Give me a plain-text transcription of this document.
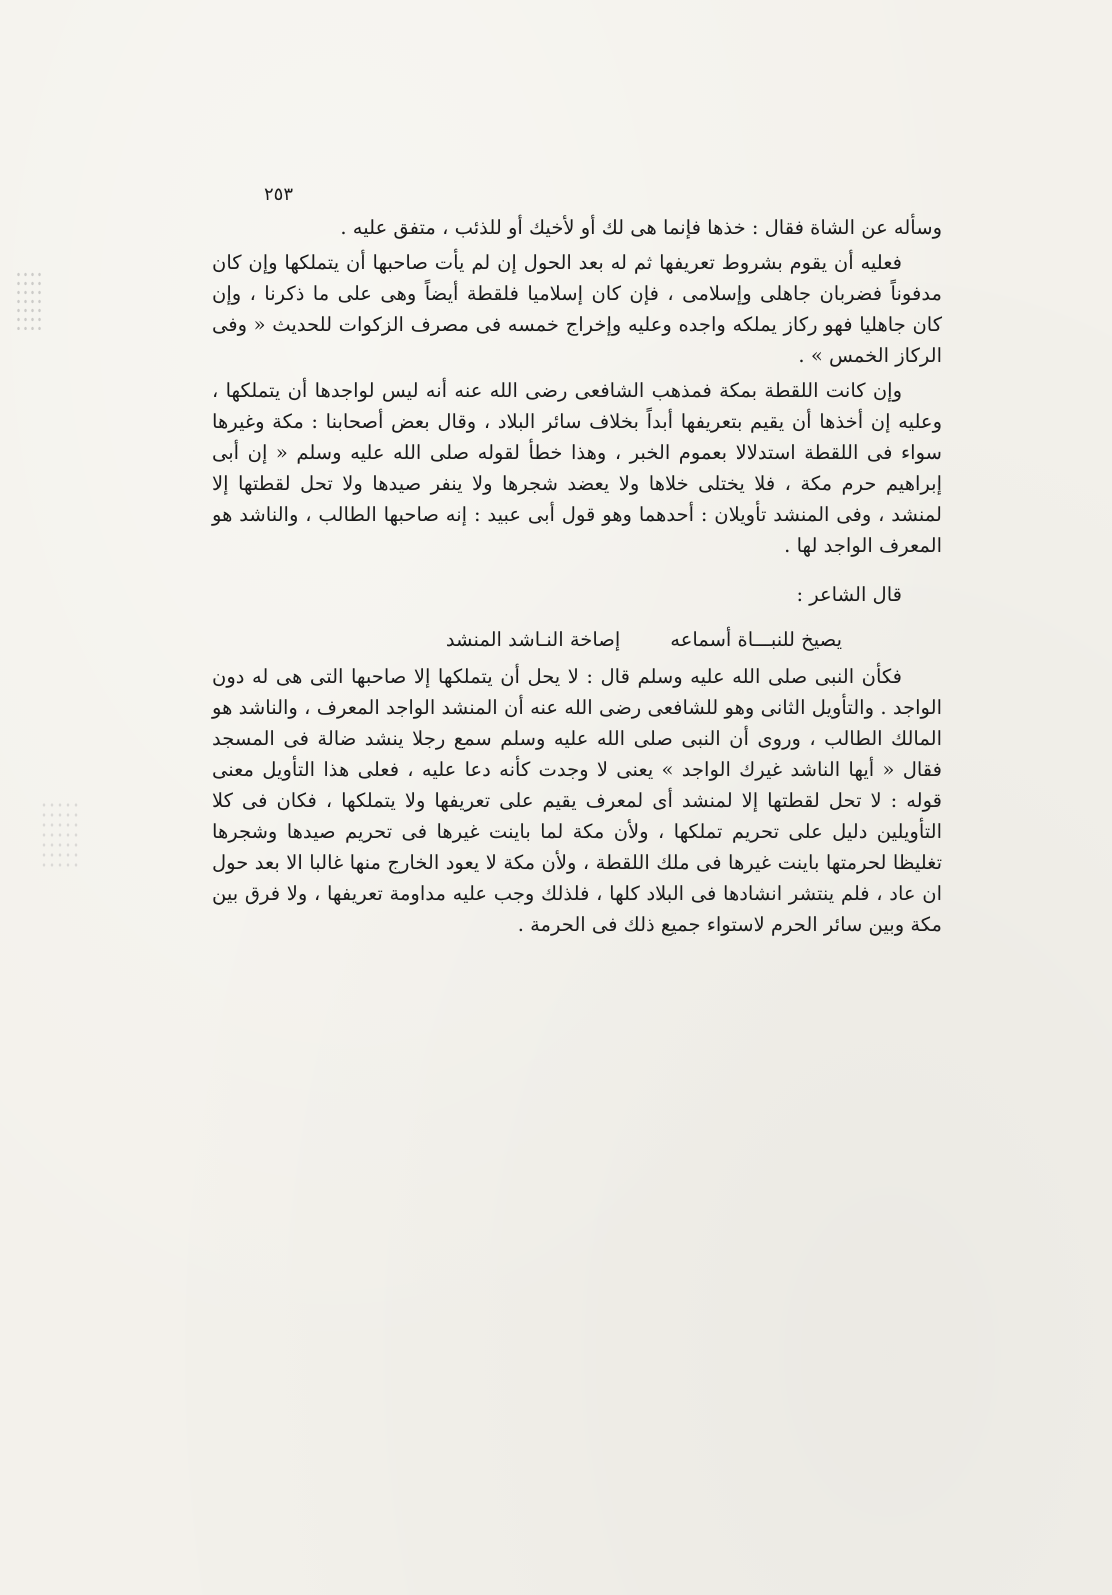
٢٥٣

وسأله عن الشاة فقال : خذها فإنما هى لك أو لأخيك أو للذئب ، متفق عليه .

فعليه أن يقوم بشروط تعريفها ثم له بعد الحول إن لم يأت صاحبها أن يتملكها وإن كان مدفوناً فضربان جاهلى وإسلامى ، فإن كان إسلاميا فلقطة أيضاً وهى على ما ذكرنا ، وإن كان جاهليا فهو ركاز يملكه واجده وعليه وإخراج خمسه فى مصرف الزكوات للحديث « وفى الركاز الخمس » .

وإن كانت اللقطة بمكة فمذهب الشافعى رضى الله عنه أنه ليس لواجدها أن يتملكها ، وعليه إن أخذها أن يقيم بتعريفها أبداً بخلاف سائر البلاد ، وقال بعض أصحابنا : مكة وغيرها سواء فى اللقطة استدلالا بعموم الخبر ، وهذا خطأ لقوله صلى الله عليه وسلم « إن أبى إبراهيم حرم مكة ، فلا يختلى خلاها ولا يعضد شجرها ولا ينفر صيدها ولا تحل لقطتها إلا لمنشد ، وفى المنشد تأويلان : أحدهما وهو قول أبى عبيد : إنه صاحبها الطالب ، والناشد هو المعرف الواجد لها .

قال الشاعر :

يصيخ للنبـــاة أسماعه
إصاخة النـاشد المنشد

فكأن النبى صلى الله عليه وسلم قال : لا يحل أن يتملكها إلا صاحبها التى هى له دون الواجد . والتأويل الثانى وهو للشافعى رضى الله عنه أن المنشد الواجد المعرف ، والناشد هو المالك الطالب ، وروى أن النبى صلى الله عليه وسلم سمع رجلا ينشد ضالة فى المسجد فقال « أيها الناشد غيرك الواجد » يعنى لا وجدت كأنه دعا عليه ، فعلى هذا التأويل معنى قوله : لا تحل لقطتها إلا لمنشد أى لمعرف يقيم على تعريفها ولا يتملكها ، فكان فى كلا التأويلين دليل على تحريم تملكها ، ولأن مكة لما باينت غيرها فى تحريم صيدها وشجرها تغليظا لحرمتها باينت غيرها فى ملك اللقطة ، ولأن مكة لا يعود الخارج منها غالبا الا بعد حول ان عاد ، فلم ينتشر انشادها فى البلاد كلها ، فلذلك وجب عليه مداومة تعريفها ، ولا فرق بين مكة وبين سائر الحرم لاستواء جميع ذلك فى الحرمة .
